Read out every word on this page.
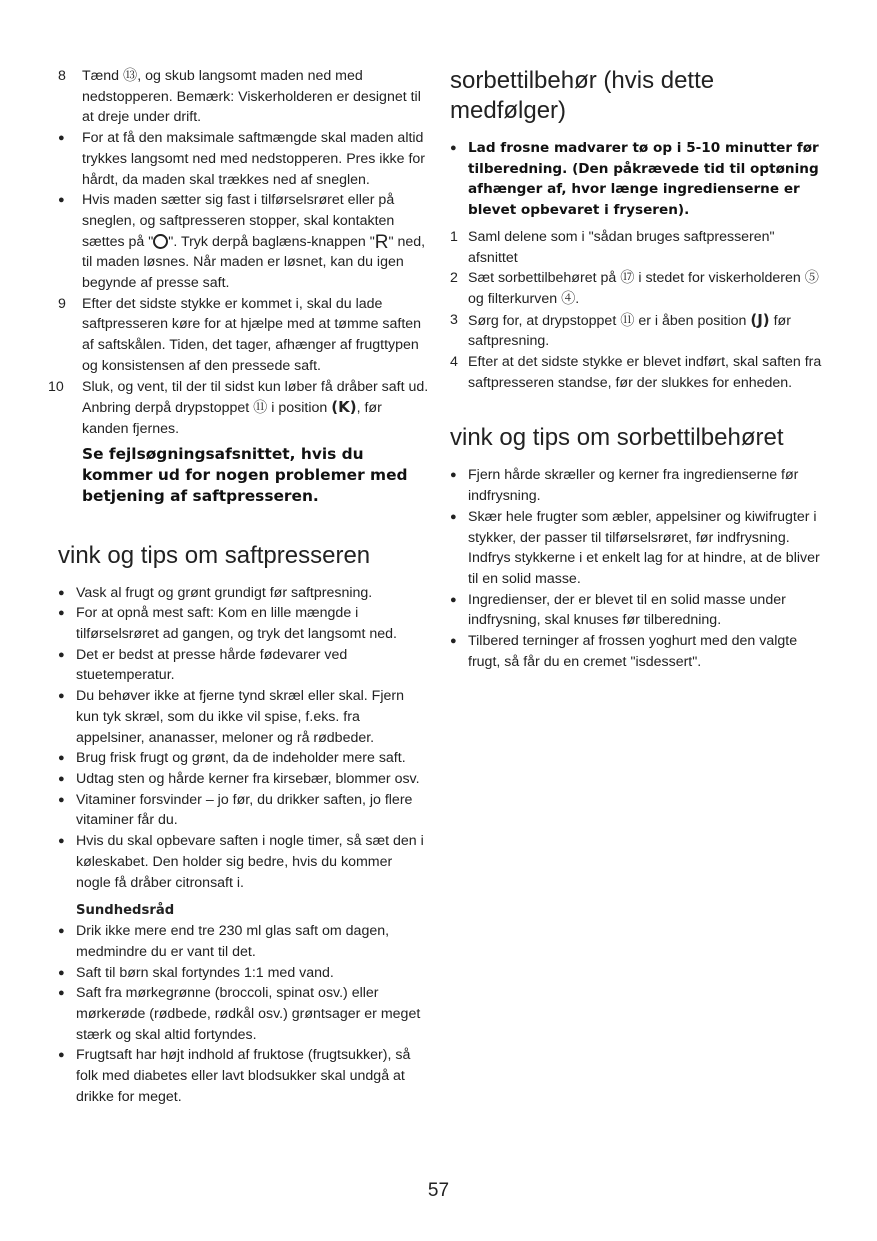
8	Tænd ⑬, og skub langsomt maden ned med nedstopperen. Bemærk: Viskerholderen er designet til at dreje under drift.
●
For at få den maksimale saftmængde skal maden altid trykkes langsomt ned med nedstopperen. Pres ikke for hårdt, da maden skal trækkes ned af sneglen.
●
Hvis maden sætter sig fast i tilførselsrøret eller på sneglen, og saftpresseren stopper, skal kontakten sættes på " ". Tryk derpå baglæns-knappen "R" ned, til maden løsnes. Når maden er løsnet, kan du igen begynde af presse saft.
9	Efter det sidste stykke er kommet i, skal du lade saftpresseren køre for at hjælpe med at tømme saften af saftskålen. Tiden, det tager, afhænger af frugttypen og konsistensen af den pressede saft.
10 Sluk, og vent, til der til sidst kun løber få dråber saft ud. Anbring derpå drypstoppet ⑪ i position (K), før kanden fjernes.

Se fejlsøgningsafsnittet, hvis du kommer ud for nogen problemer med betjening af saftpresseren.

vink og tips om saftpresseren
●
Vask al frugt og grønt grundigt før saftpresning.
●
For at opnå mest saft: Kom en lille mængde i tilførselsrøret ad gangen, og tryk det langsomt ned.
●
Det er bedst at presse hårde fødevarer ved stuetemperatur.
●
Du behøver ikke at fjerne tynd skræl eller skal. Fjern kun tyk skræl, som du ikke vil spise, f.eks. fra appelsiner, ananasser, meloner og rå rødbeder.
●
Brug frisk frugt og grønt, da de indeholder mere saft.
●
Udtag sten og hårde kerner fra kirsebær, blommer osv.
●
Vitaminer forsvinder – jo før, du drikker saften, jo flere vitaminer får du.
●
Hvis du skal opbevare saften i nogle timer, så sæt den i køleskabet. Den holder sig bedre, hvis du kommer nogle få dråber citronsaft i.

Sundhedsråd

●
Drik ikke mere end tre 230 ml glas saft om dagen, medmindre du er vant til det.
●
Saft til børn skal fortyndes 1:1 med vand.
●
Saft fra mørkegrønne (broccoli, spinat osv.) eller mørkerøde (rødbede, rødkål osv.) grøntsager er meget stærk og skal altid fortyndes.
●
Frugtsaft har højt indhold af fruktose (frugtsukker), så folk med diabetes eller lavt blodsukker skal undgå at drikke for meget.
sorbettilbehør (hvis dette medfølger)
●
Lad frosne madvarer tø op i 5-10 minutter før tilberedning. (Den påkrævede tid til optøning afhænger af, hvor længe ingredienserne er blevet opbevaret i fryseren).
1 Saml delene som i "sådan bruges saftpresseren" afsnittet
2 Sæt sorbettilbehøret på ⑰ i stedet for viskerholderen ⑤ og filterkurven ④.
3 Sørg for, at drypstoppet ⑪ er i åben position (J) før saftpresning.
4 Efter at det sidste stykke er blevet indført, skal saften fra saftpresseren standse, før der slukkes for enheden.
vink og tips om sorbettilbehøret
●
Fjern hårde skræller og kerner fra ingredienserne før indfrysning.
●
Skær hele frugter som æbler, appelsiner og kiwifrugter i stykker, der passer til tilførselsrøret, før indfrysning. Indfrys stykkerne i et enkelt lag for at hindre, at de bliver til en solid masse.
●
Ingredienser, der er blevet til en solid masse under indfrysning, skal knuses før tilberedning.
●
Tilbered terninger af frossen yoghurt med den valgte frugt, så får du en cremet "isdessert".
57
